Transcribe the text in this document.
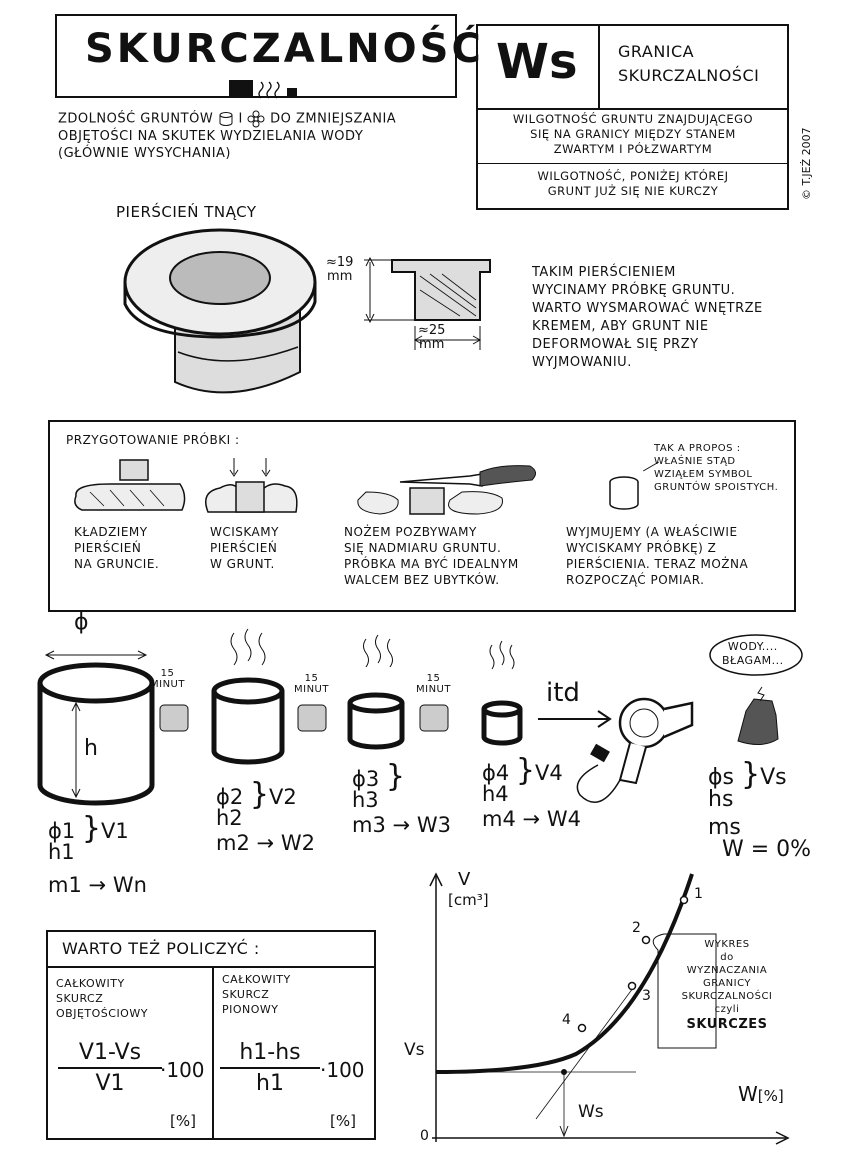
SKURCZALNOŚĆ
ZDOLNOŚĆ GRUNTÓW I DO ZMNIEJSZANIA
OBJĘTOŚCI NA SKUTEK WYDZIELANIA WODY
(GŁÓWNIE WYSYCHANIA)
Ws	GRANICA
SKURCZALNOŚCI
WILGOTNOŚĆ GRUNTU ZNAJDUJĄCEGO
SIĘ NA GRANICY MIĘDZY STANEM
ZWARTYM I PÓŁZWARTYM
WILGOTNOŚĆ, PONIŻEJ KTÓREJ
GRUNT JUŻ SIĘ NIE KURCZY	© T.JEŻ 2007
PIERŚCIEŃ TNĄCY
≈19
mm
≈25
mm
TAKIM PIERŚCIENIEM
WYCINAMY PRÓBKĘ GRUNTU.
WARTO WYSMAROWAĆ WNĘTRZE
KREMEM, ABY GRUNT NIE
DEFORMOWAŁ SIĘ PRZY
WYJMOWANIU.
PRZYGOTOWANIE PRÓBKI :
KŁADZIEMY
PIERŚCIEŃ
NA GRUNCIE.
WCISKAMY
PIERŚCIEŃ
W GRUNT.
NOŻEM POZBYWAMY
SIĘ NADMIARU GRUNTU.
PRÓBKA MA BYĆ IDEALNYM
WALCEM BEZ UBYTKÓW.
TAK A PROPOS :
WŁAŚNIE STĄD
WZIĄŁEM SYMBOL
GRUNTÓW SPOISTYCH.
WYJMUJEMY (A WŁAŚCIWIE
WYCISKAMY PRÓBKĘ) Z
PIERŚCIENIA. TERAZ MOŻNA
ROZPOCZĄĆ POMIAR.
ϕ
h
15
MINUT
15
MINUT
15
MINUT	itd
WODY....
BŁAGAM...
ϕ1 }V1
h1
m1 → Wn
ϕ2 }V2
h2
m2 → W2
ϕ3 }
h3
m3 → W3
ϕ4 }V4
h4
m4 → W4
ϕs }Vs
hs
ms
W = 0%
WARTO TEŻ POLICZYĆ :
CAŁKOWITY
SKURCZ
OBJĘTOŚCIOWY
CAŁKOWITY
SKURCZ
PIONOWY
V1-Vs
V1
·100
h1-hs
h1
·100
[%]	[%]
V
[cm³]
W[%]
0
Vs
Ws
1
2
3
4
WYKRES
do
WYZNACZANIA
GRANICY
SKURCZALNOŚCI
czyli
SKURCZES
